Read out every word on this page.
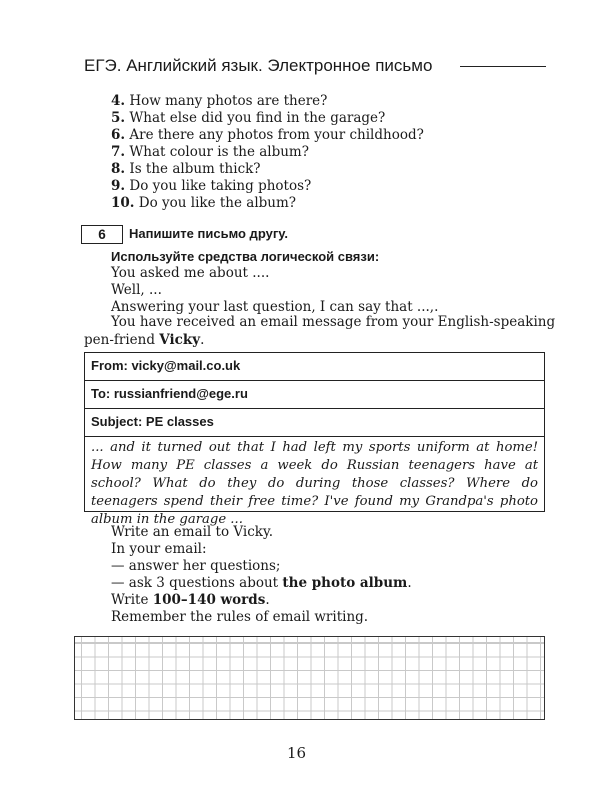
ЕГЭ. Английский язык. Электронное письмо
4. How many photos are there?
5. What else did you find in the garage?
6. Are there any photos from your childhood?
7. What colour is the album?
8. Is the album thick?
9. Do you like taking photos?
10. Do you like the album?
6	Напишите письмо другу.
Используйте средства логической связи:
You asked me about ....
Well, ...
Answering your last question, I can say that ...,.
You have received an email message from your English-speaking
pen-friend Vicky.
From: vicky@mail.co.uk
To: russianfriend@ege.ru
Subject: PE classes
... and it turned out that I had left my sports uniform at home! How many PE classes a week do Russian teenagers have at school? What do they do during those classes? Where do teenagers spend their free time? I've found my Grandpa's photo album in the garage ...
Write an email to Vicky.
In your email:
— answer her questions;
— ask 3 questions about the photo album.
Write 100–140 words.
Remember the rules of email writing.
16
